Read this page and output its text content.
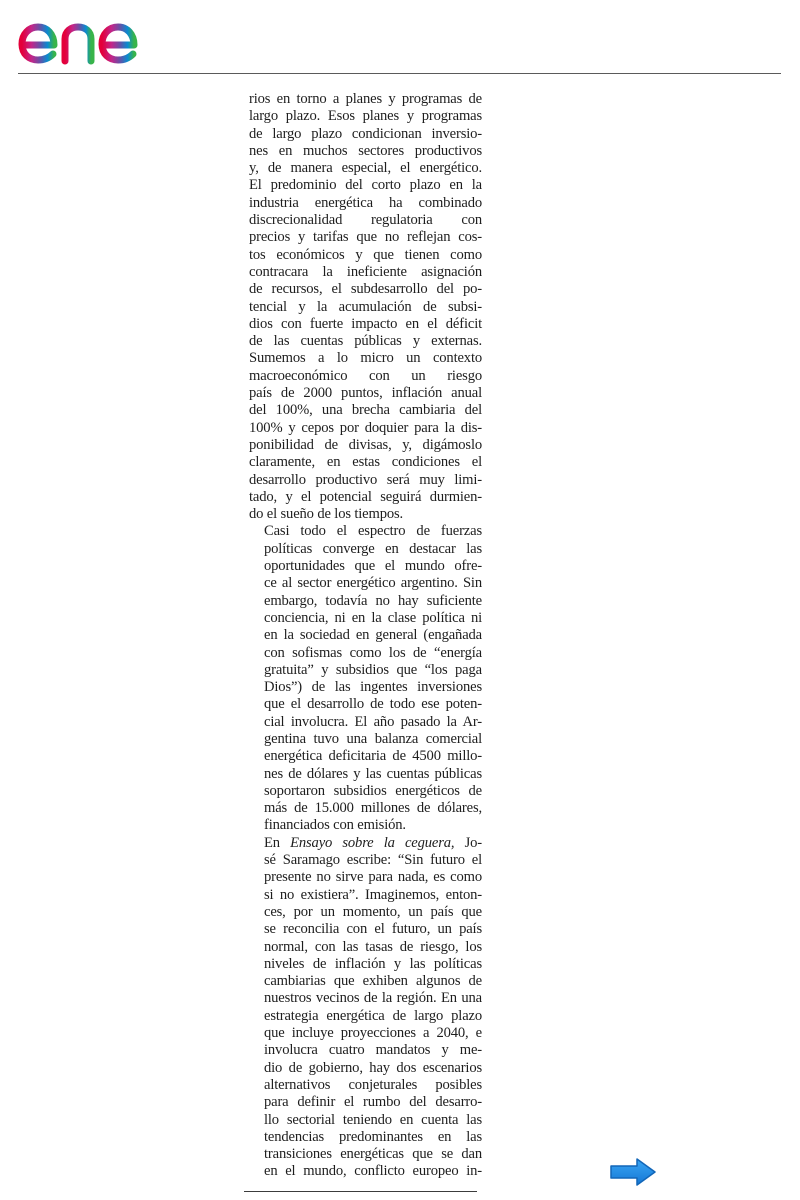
rios en torno a planes y programas de
largo plazo. Esos planes y programas
de largo plazo condicionan inversio-
nes en muchos sectores productivos
y, de manera especial, el energético.
El predominio del corto plazo en la
industria energética ha combinado
discrecionalidad regulatoria con
precios y tarifas que no reflejan cos-
tos económicos y que tienen como
contracara la ineficiente asignación
de recursos, el subdesarrollo del po-
tencial y la acumulación de subsi-
dios con fuerte impacto en el déficit
de las cuentas públicas y externas.
Sumemos a lo micro un contexto
macroeconómico con un riesgo
país de 2000 puntos, inflación anual
del 100%, una brecha cambiaria del
100% y cepos por doquier para la dis-
ponibilidad de divisas, y, digámoslo
claramente, en estas condiciones el
desarrollo productivo será muy limi-
tado, y el potencial seguirá durmien-
do el sueño de los tiempos.

Casi todo el espectro de fuerzas
políticas converge en destacar las
oportunidades que el mundo ofre-
ce al sector energético argentino. Sin
embargo, todavía no hay suficiente
conciencia, ni en la clase política ni
en la sociedad en general (engañada
con sofismas como los de “energía
gratuita” y subsidios que “los paga
Dios”) de las ingentes inversiones
que el desarrollo de todo ese poten-
cial involucra. El año pasado la Ar-
gentina tuvo una balanza comercial
energética deficitaria de 4500 millo-
nes de dólares y las cuentas públicas
soportaron subsidios energéticos de
más de 15.000 millones de dólares,
financiados con emisión.

En Ensayo sobre la ceguera, Jo-
sé Saramago escribe: “Sin futuro el
presente no sirve para nada, es como
si no existiera”. Imaginemos, enton-
ces, por un momento, un país que
se reconcilia con el futuro, un país
normal, con las tasas de riesgo, los
niveles de inflación y las políticas
cambiarias que exhiben algunos de
nuestros vecinos de la región. En una
estrategia energética de largo plazo
que incluye proyecciones a 2040, e
involucra cuatro mandatos y me-
dio de gobierno, hay dos escenarios
alternativos conjeturales posibles
para definir el rumbo del desarro-
llo sectorial teniendo en cuenta las
tendencias predominantes en las
transiciones energéticas que se dan
en el mundo, conflicto europeo in-
